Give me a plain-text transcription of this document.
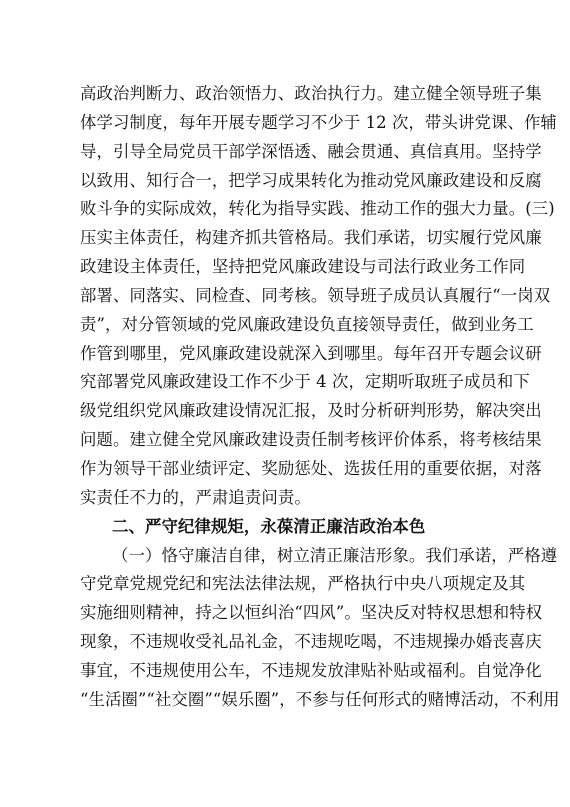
高政治判断力、政治领悟力、政治执行力。建立健全领导班子集
体学习制度，每年开展专题学习不少于 12 次，带头讲党课、作辅
导，引导全局党员干部学深悟透、融会贯通、真信真用。坚持学
以致用、知行合一，把学习成果转化为推动党风廉政建设和反腐
败斗争的实际成效，转化为指导实践、推动工作的强大力量。(三)
压实主体责任，构建齐抓共管格局。我们承诺，切实履行党风廉
政建设主体责任，坚持把党风廉政建设与司法行政业务工作同
部署、同落实、同检查、同考核。领导班子成员认真履行“一岗双
责”，对分管领域的党风廉政建设负直接领导责任，做到业务工
作管到哪里，党风廉政建设就深入到哪里。每年召开专题会议研
究部署党风廉政建设工作不少于 4 次，定期听取班子成员和下
级党组织党风廉政建设情况汇报，及时分析研判形势，解决突出
问题。建立健全党风廉政建设责任制考核评价体系，将考核结果
作为领导干部业绩评定、奖励惩处、选拔任用的重要依据，对落
实责任不力的，严肃追责问责。
二、严守纪律规矩，永葆清正廉洁政治本色
（一）恪守廉洁自律，树立清正廉洁形象。我们承诺，严格遵
守党章党规党纪和宪法法律法规，严格执行中央八项规定及其
实施细则精神，持之以恒纠治“四风”。坚决反对特权思想和特权
现象，不违规收受礼品礼金，不违规吃喝，不违规操办婚丧喜庆
事宜，不违规使用公车，不违规发放津贴补贴或福利。自觉净化
“生活圈”“社交圈”“娱乐圈”，不参与任何形式的赌博活动，不利用
